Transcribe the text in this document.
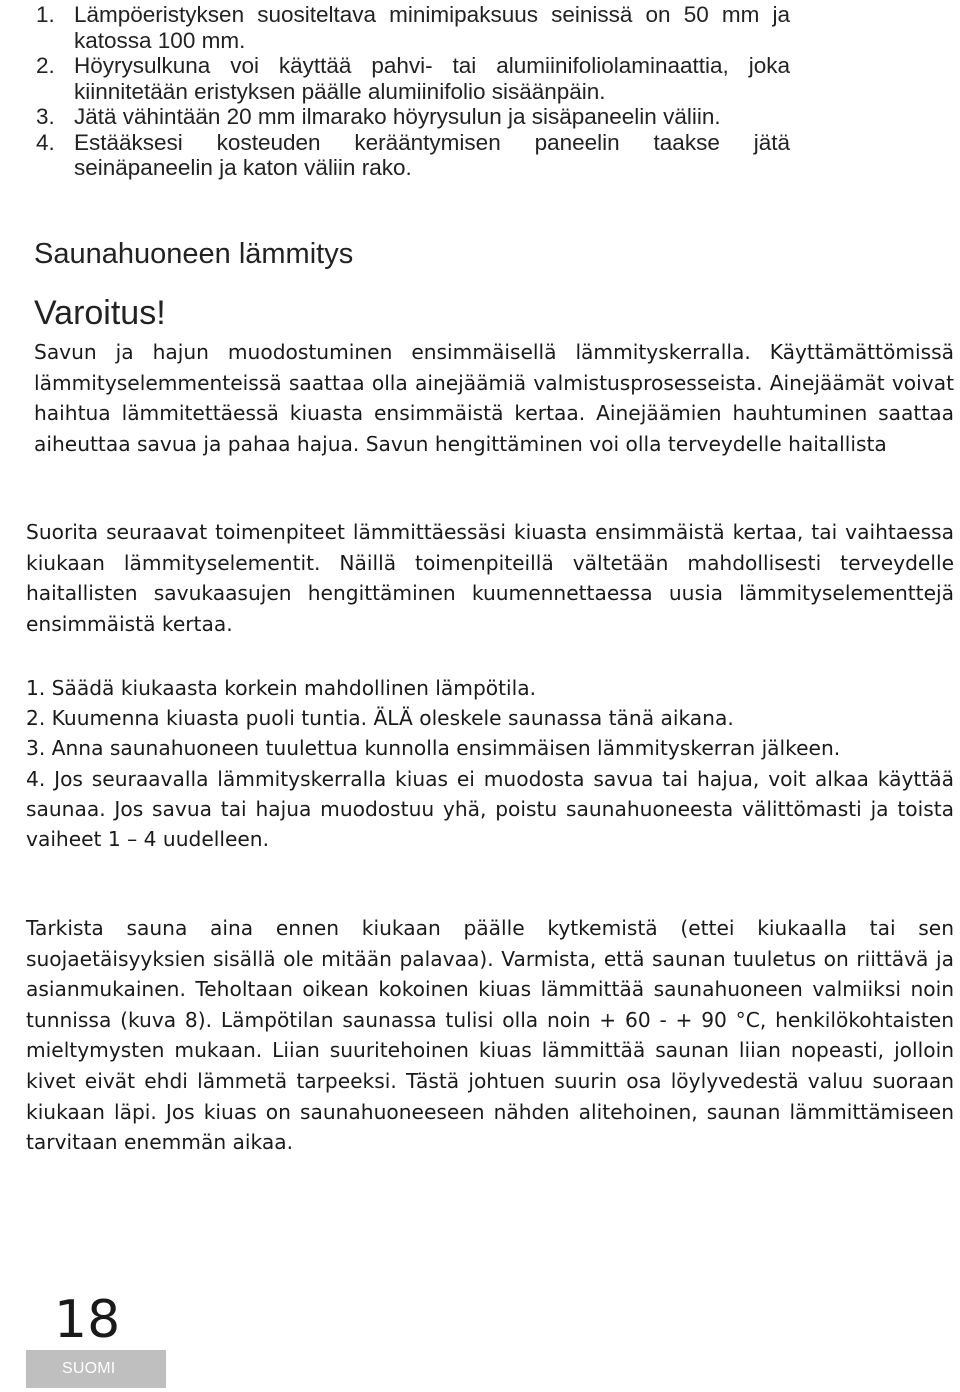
1. Lämpöeristyksen suositeltava minimipaksuus seinissä on 50 mm ja katossa 100 mm.
2. Höyrysulkuna voi käyttää pahvi- tai alumiinifoliolaminaattia, joka kiinnitetään eristyksen päälle alumiinifolio sisäänpäin.
3. Jätä vähintään 20 mm ilmarako höyrysulun ja sisäpaneelin väliin.
4. Estääksesi kosteuden kerääntymisen paneelin taakse jätä seinäpaneelin ja katon väliin rako.
Saunahuoneen lämmitys
Varoitus!

Savun ja hajun muodostuminen ensimmäisellä lämmityskerralla. Käyttämättömissä lämmityselemmenteissä saattaa olla ainejäämiä valmistusprosesseista. Ainejäämät voivat haihtua lämmitettäessä kiuasta ensimmäistä kertaa. Ainejäämien hauhtuminen saattaa aiheuttaa savua ja pahaa hajua. Savun hengittäminen voi olla terveydelle haitallista

Suorita seuraavat toimenpiteet lämmittäessäsi kiuasta ensimmäistä kertaa, tai vaihtaessa kiukaan lämmityselementit. Näillä toimenpiteillä vältetään mahdollisesti terveydelle haitallisten savukaasujen hengittäminen kuumennettaessa uusia lämmityselementtejä ensimmäistä kertaa.

1. Säädä kiukaasta korkein mahdollinen lämpötila.
2. Kuumenna kiuasta puoli tuntia. ÄLÄ oleskele saunassa tänä aikana.
3. Anna saunahuoneen tuulettua kunnolla ensimmäisen lämmityskerran jälkeen.
4. Jos seuraavalla lämmityskerralla kiuas ei muodosta savua tai hajua, voit alkaa käyttää saunaa. Jos savua tai hajua muodostuu yhä, poistu saunahuoneesta välittömasti ja toista vaiheet 1 – 4 uudelleen.

Tarkista sauna aina ennen kiukaan päälle kytkemistä (ettei kiukaalla tai sen suojaetäisyyksien sisällä ole mitään palavaa). Varmista, että saunan tuuletus on riittävä ja asianmukainen. Teholtaan oikean kokoinen kiuas lämmittää saunahuoneen valmiiksi noin tunnissa (kuva 8). Lämpötilan saunassa tulisi olla noin + 60 - + 90 °C, henkilökohtaisten mieltymysten mukaan. Liian suuritehoinen kiuas lämmittää saunan liian nopeasti, jolloin kivet eivät ehdi lämmetä tarpeeksi. Tästä johtuen suurin osa löylyvedestä valuu suoraan kiukaan läpi. Jos kiuas on saunahuoneeseen nähden alitehoinen, saunan lämmittämiseen tarvitaan enemmän aikaa.

18
SUOMI
